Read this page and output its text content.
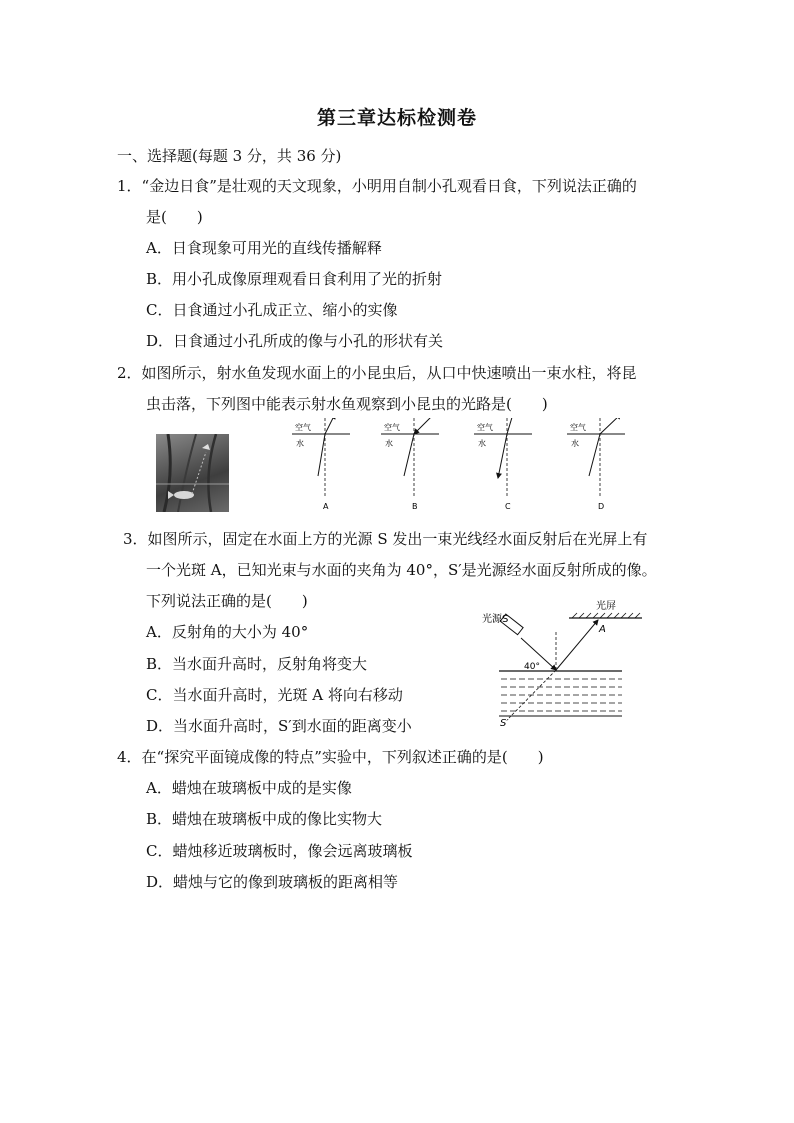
第三章达标检测卷
一、选择题(每题 3 分，共 36 分)
1．“金边日食”是壮观的天文现象，小明用自制小孔观看日食，下列说法正确的
是(　　)
A．日食现象可用光的直线传播解释
B．用小孔成像原理观看日食利用了光的折射
C．日食通过小孔成正立、缩小的实像
D．日食通过小孔所成的像与小孔的形状有关
2．如图所示，射水鱼发现水面上的小昆虫后，从口中快速喷出一束水柱，将昆
虫击落，下列图中能表示射水鱼观察到小昆虫的光路是(　　)
空气
水
A
空气
水
B
空气
水
C
空气
水
D
3．如图所示，固定在水面上方的光源 S 发出一束光线经水面反射后在光屏上有
一个光斑 A，已知光束与水面的夹角为 40°，S′是光源经水面反射所成的像。
下列说法正确的是(　　)
A．反射角的大小为 40°
B．当水面升高时，反射角将变大
C．当水面升高时，光斑 A 将向右移动
D．当水面升高时，S′到水面的距离变小
光屏
A
光源S
S′
40°
4．在“探究平面镜成像的特点”实验中，下列叙述正确的是(　　)
A．蜡烛在玻璃板中成的是实像
B．蜡烛在玻璃板中成的像比实物大
C．蜡烛移近玻璃板时，像会远离玻璃板
D．蜡烛与它的像到玻璃板的距离相等
